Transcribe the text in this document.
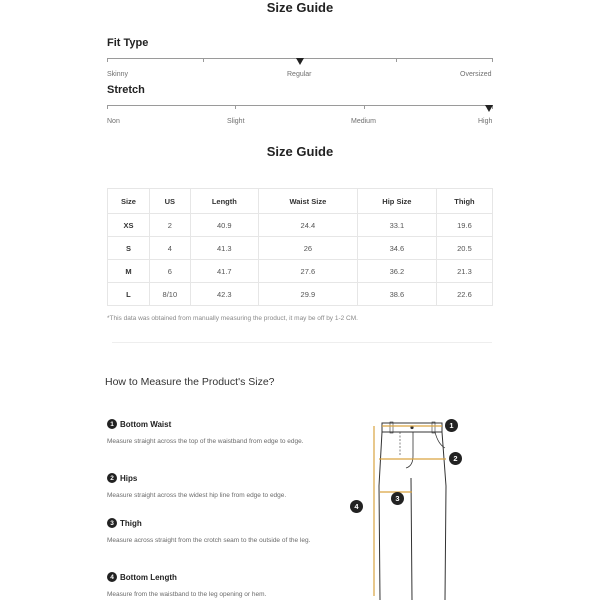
Size Guide
Fit Type
Skinny	Regular	Oversized
Stretch
Non	Slight	Medium	High
Size Guide
Size	US	Length	Waist Size	Hip Size	Thigh
XS	2	40.9	24.4	33.1	19.6
S	4	41.3	26	34.6	20.5
M	6	41.7	27.6	36.2	21.3
L	8/10	42.3	29.9	38.6	22.6
*This data was obtained from manually measuring the product, it may be off by 1-2 CM.
How to Measure the Product's Size?
1 Bottom Waist
Measure straight across the top of the waistband from edge to edge.
2 Hips
Measure straight across the widest hip line from edge to edge.
3 Thigh
Measure across straight from the crotch seam to the outside of the leg.
4 Bottom Length
Measure from the waistband to the leg opening or hem.
1
2
3
4
